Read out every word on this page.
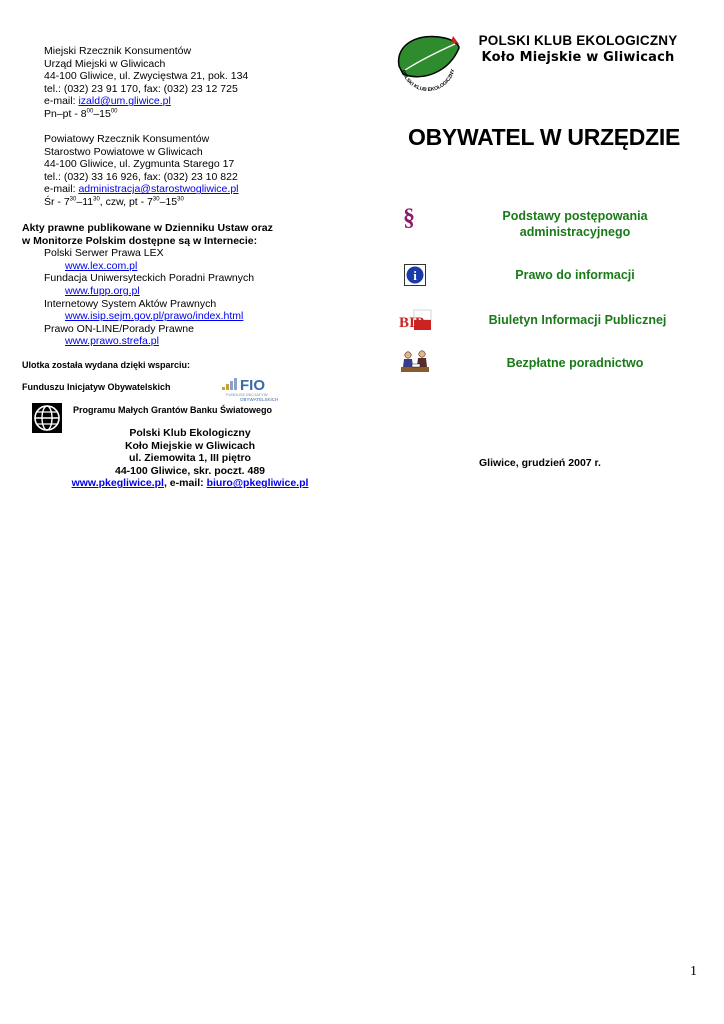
Miejski Rzecznik Konsumentów
Urząd Miejski w Gliwicach
44-100 Gliwice, ul. Zwycięstwa 21, pok. 134
tel.: (032) 23 91 170, fax: (032) 23 12 725
e-mail: izald@um.gliwice.pl
$Pn-pt - 8^{00}-15^{00}$
Powiatowy Rzecznik Konsumentów
Starostwo Powiatowe w Gliwicach
44-100 Gliwice, ul. Zygmunta Starego 17
tel.: (032) 33 16 926, fax: (032) 23 10 822
e-mail: administracja@starostwogliwice.pl
Śr - $7^{30}-11^{30}$, czw, pt - $7^{30}-15^{30}$
Akty prawne publikowane w Dzienniku Ustaw oraz
w Monitorze Polskim dostępne są w Internecie:
Polski Serwer Prawa LEX
www.lex.com.pl
Fundacja Uniwersyteckich Poradni Prawnych
www.fupp.org.pl
Internetowy System Aktów Prawnych
www.isip.sejm.gov.pl/prawo/index.html
Prawo ON-LINE/Porady Prawne
www.prawo.strefa.pl
Ulotka została wydana dzięki wsparciu:
Funduszu Inicjatyw Obywatelskich	FIO
FUNDUSZ INICJATYW
OBYWATELSKICH
Programu Małych Grantów Banku Światowego
Polski Klub Ekologiczny
Koło Miejskie w Gliwicach
ul. Ziemowita 1, III piętro
44-100 Gliwice, skr. poczt. 489
www.pkegliwice.pl, e-mail: biuro@pkegliwice.pl
POLSKI KLUB EKOLOGICZNY
POLSKI KLUB EKOLOGICZNY
Koło Miejskie w Gliwicach
OBYWATEL W URZĘDZIE
§	Podstawy postępowania
administracyjnego
i	Prawo do informacji
BIP	Biuletyn Informacji Publicznej
Bezpłatne poradnictwo
Gliwice, grudzień 2007 r.
1
